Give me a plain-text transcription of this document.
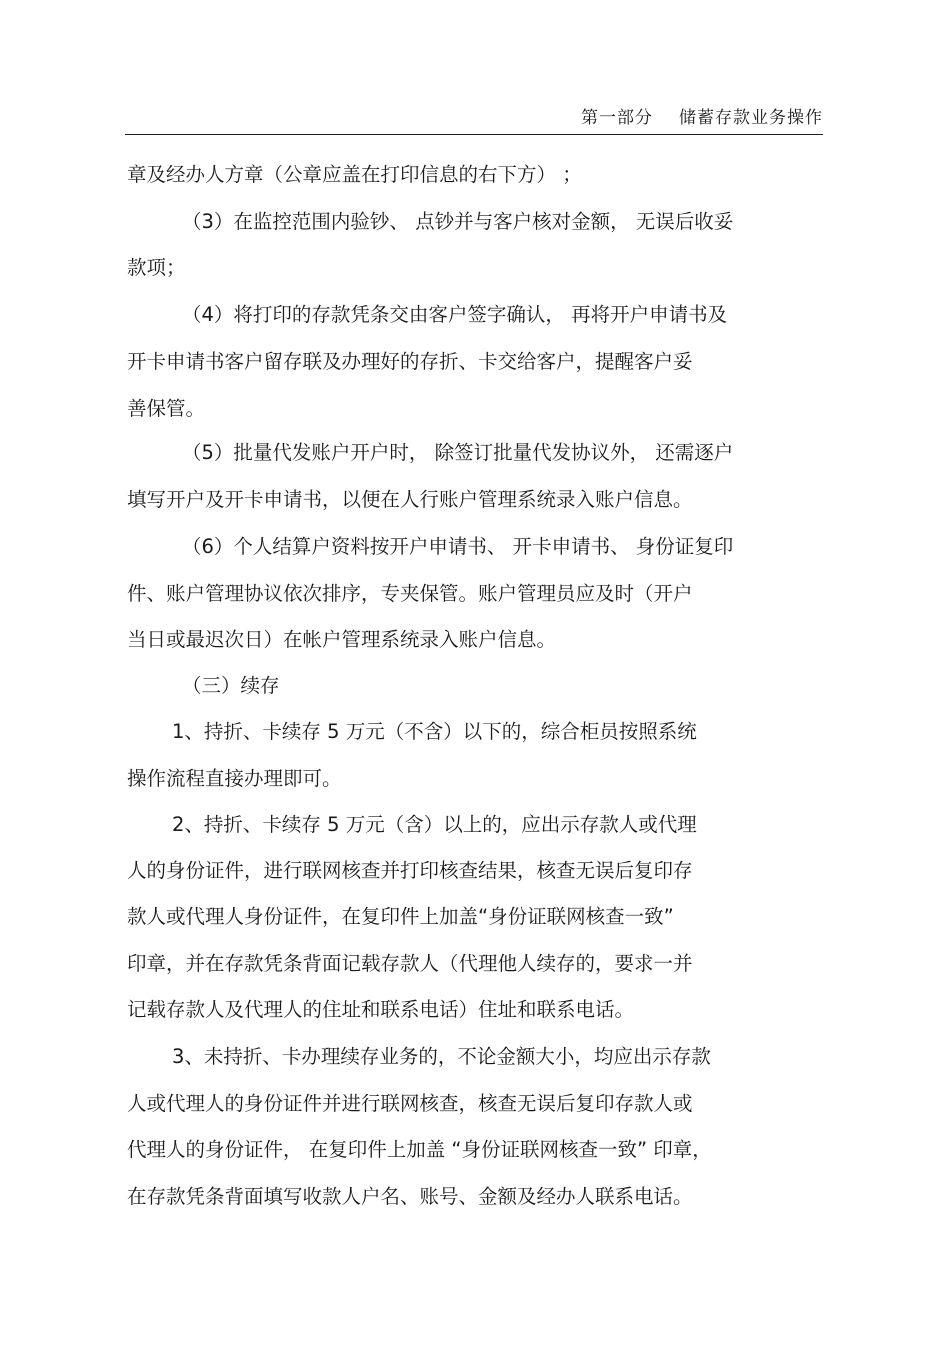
第一部分 储蓄存款业务操作
章及经办人方章（公章应盖在打印信息的右下方） ；
（3）在监控范围内验钞、 点钞并与客户核对金额， 无误后收妥
款项；
（4）将打印的存款凭条交由客户签字确认， 再将开户申请书及
开卡申请书客户留存联及办理好的存折、卡交给客户，提醒客户妥
善保管。
（5）批量代发账户开户时， 除签订批量代发协议外， 还需逐户
填写开户及开卡申请书，以便在人行账户管理系统录入账户信息。
（6）个人结算户资料按开户申请书、 开卡申请书、 身份证复印
件、账户管理协议依次排序，专夹保管。账户管理员应及时（开户
当日或最迟次日）在帐户管理系统录入账户信息。
（三）续存
1、持折、卡续存 5 万元（不含）以下的，综合柜员按照系统
操作流程直接办理即可。
2、持折、卡续存 5 万元（含）以上的，应出示存款人或代理
人的身份证件，进行联网核查并打印核查结果，核查无误后复印存
款人或代理人身份证件，在复印件上加盖“身份证联网核查一致”
印章，并在存款凭条背面记载存款人（代理他人续存的，要求一并
记载存款人及代理人的住址和联系电话）住址和联系电话。
3、未持折、卡办理续存业务的，不论金额大小，均应出示存款
人或代理人的身份证件并进行联网核查，核查无误后复印存款人或
代理人的身份证件， 在复印件上加盖 “身份证联网核查一致” 印章，
在存款凭条背面填写收款人户名、账号、金额及经办人联系电话。
